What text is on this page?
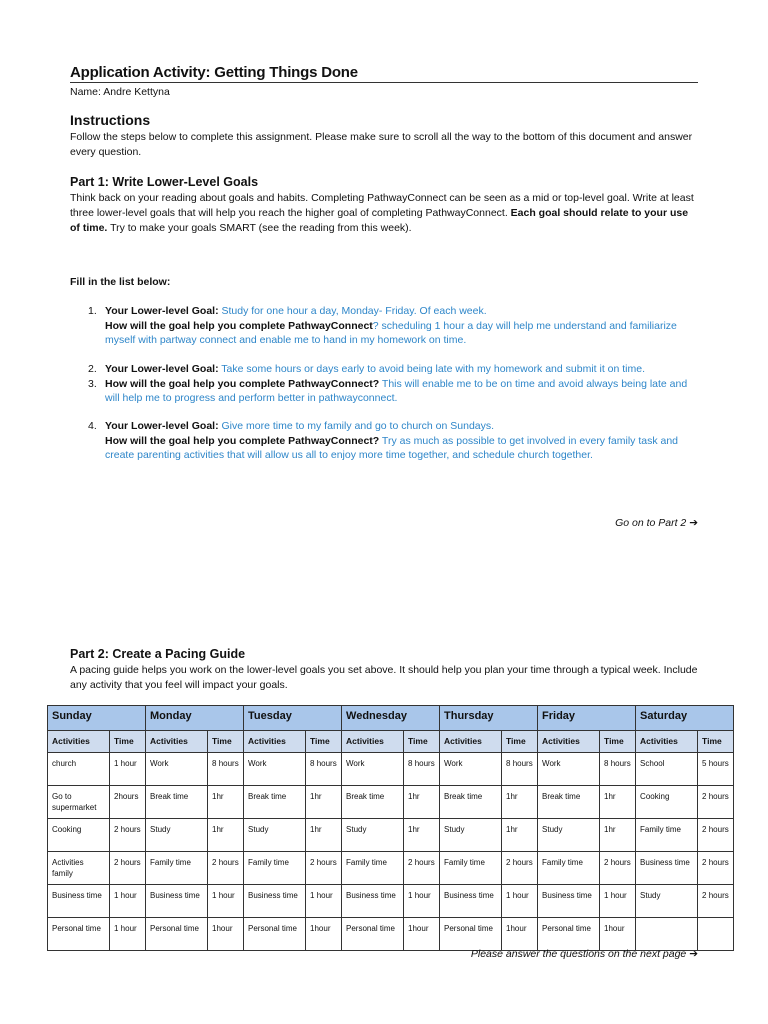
Application Activity: Getting Things Done
Name: Andre Kettyna
Instructions
Follow the steps below to complete this assignment. Please make sure to scroll all the way to the bottom of this document and answer every question.
Part 1: Write Lower-Level Goals
Think back on your reading about goals and habits. Completing PathwayConnect can be seen as a mid or top-level goal. Write at least three lower-level goals that will help you reach the higher goal of completing PathwayConnect. Each goal should relate to your use of time. Try to make your goals SMART (see the reading from this week).
Fill in the list below:
1. Your Lower-level Goal: Study for one hour a day, Monday- Friday. Of each week.
How will the goal help you complete PathwayConnect? scheduling 1 hour a day will help me understand and familiarize myself with partway connect and enable me to hand in my homework on time.
2. Your Lower-level Goal: Take some hours or days early to avoid being late with my homework and submit it on time.
3. How will the goal help you complete PathwayConnect? This will enable me to be on time and avoid always being late and will help me to progress and perform better in pathwayconnect.
4. Your Lower-level Goal: Give more time to my family and go to church on Sundays.
How will the goal help you complete PathwayConnect? Try as much as possible to get involved in every family task and create parenting activities that will allow us all to enjoy more time together, and schedule church together.
Go on to Part 2 ➔
Part 2: Create a Pacing Guide
A pacing guide helps you work on the lower-level goals you set above. It should help you plan your time through a typical week. Include any activity that you feel will impact your goals.
Sunday		Monday		Tuesday		Wednesday		Thursday		Friday		Saturday	
Activities	Time	Activities	Time	Activities	Time	Activities	Time	Activities	Time	Activities	Time	Activities	Time
church	1 hour	Work	8 hours	Work	8 hours	Work	8 hours	Work	8 hours	Work	8 hours	School	5 hours
Go to supermarket	2hours	Break time	1hr	Break time	1hr	Break time	1hr	Break time	1hr	Break time	1hr	Cooking	2 hours
Cooking	2 hours	Study	1hr	Study	1hr	Study	1hr	Study	1hr	Study	1hr	Family time	2 hours
Activities family	2 hours	Family time	2 hours	Family time	2 hours	Family time	2 hours	Family time	2 hours	Family time	2 hours	Business time	2 hours
Business time	1 hour	Business time	1 hour	Business time	1 hour	Business time	1 hour	Business time	1 hour	Business time	1 hour	Study	2 hours
Personal time	1 hour	Personal time	1hour	Personal time	1hour	Personal time	1hour	Personal time	1hour	Personal time	1hour		
Please answer the questions on the next page ➔
